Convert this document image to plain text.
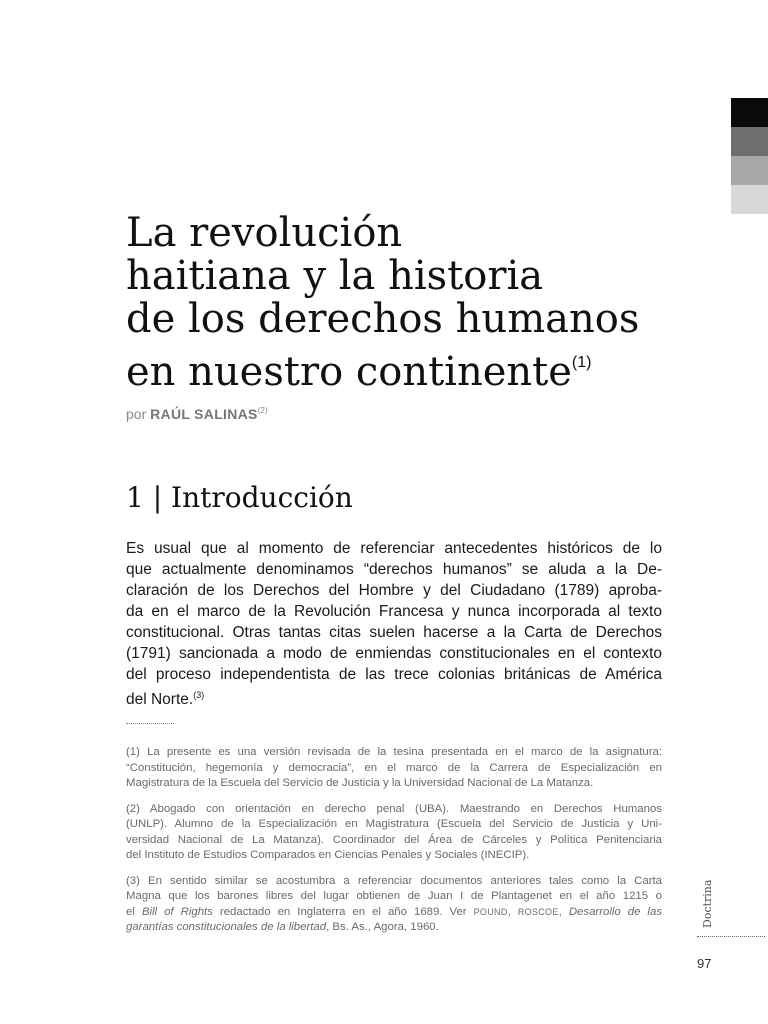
La revolución
haitiana y la historia
de los derechos humanos
en nuestro continente$^{(1)}$
por RAÚL SALINAS$^{(2)}$
1 | Introducción
Es usual que al momento de referenciar antecedentes históricos de lo
que actualmente denominamos “derechos humanos” se aluda a la De-
claración de los Derechos del Hombre y del Ciudadano (1789) aproba-
da en el marco de la Revolución Francesa y nunca incorporada al texto
constitucional. Otras tantas citas suelen hacerse a la Carta de Derechos
(1791) sancionada a modo de enmiendas constitucionales en el contexto
del proceso independentista de las trece colonias británicas de América
del Norte.$^{(3)}$

(1) La presente es una versión revisada de la tesina presentada en el marco de la asignatura:
“Constitución, hegemonía y democracia”, en el marco de la Carrera de Especialización en
Magistratura de la Escuela del Servicio de Justicia y la Universidad Nacional de La Matanza.

(2) Abogado con orientación en derecho penal (UBA). Maestrando en Derechos Humanos
(UNLP). Alumno de la Especialización en Magistratura (Escuela del Servicio de Justicia y Uni-
versidad Nacional de La Matanza). Coordinador del Área de Cárceles y Política Penitenciaria
del Instituto de Estudios Comparados en Ciencias Penales y Sociales (INECIP).

(3) En sentido similar se acostumbra a referenciar documentos anteriores tales como la Carta
Magna que los barones libres del lugar obtienen de Juan I de Plantagenet en el año 1215 o
el Bill of Rights redactado en Inglaterra en el año 1689. Ver POUND, ROSCOE, Desarrollo de las
garantías constitucionales de la libertad, Bs. As., Agora, 1960.	Doctrina
97
